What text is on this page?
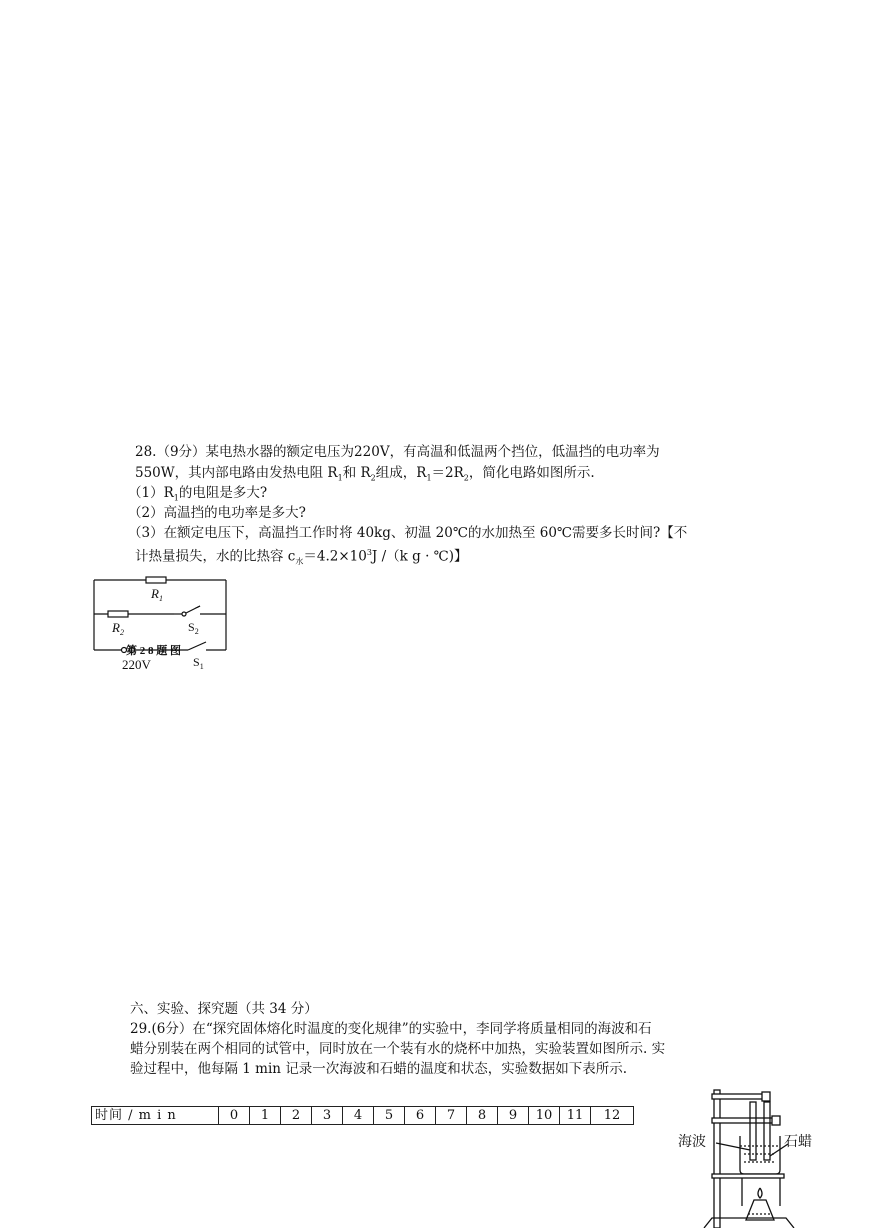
28.（9分）某电热水器的额定电压为220V，有高温和低温两个挡位，低温挡的电功率为
550W，其内部电路由发热电阻 $R_1$和 $R_2$组成，$R_1=2R_2$，简化电路如图所示.
$(1)R_1$的电阻是多大?
（2）高温挡的电功率是多大?
（3）在额定电压下，高温挡工作时将 40kg、初温 20℃的水加热至 60℃需要多长时间?【不
计热量损失，水的比热容 $c_水=4.2\times 10^3J$ /（k g · ℃)】
$R_1$
$R_2$	$S_2$
$S_1$
第 2 8 题 图
220V
六、实验、探究题（共 34 分）
29.(6分）在“探究固体熔化时温度的变化规律”的实验中，李同学将质量相同的海波和石
蜡分别装在两个相同的试管中，同时放在一个装有水的烧杯中加热，实验装置如图所示. 实
验过程中，他每隔 1 min 记录一次海波和石蜡的温度和状态，实验数据如下表所示.
时间 / m i n	0	1	2	3	4	5	6	7	8	9	10	11	12
海波	石蜡
